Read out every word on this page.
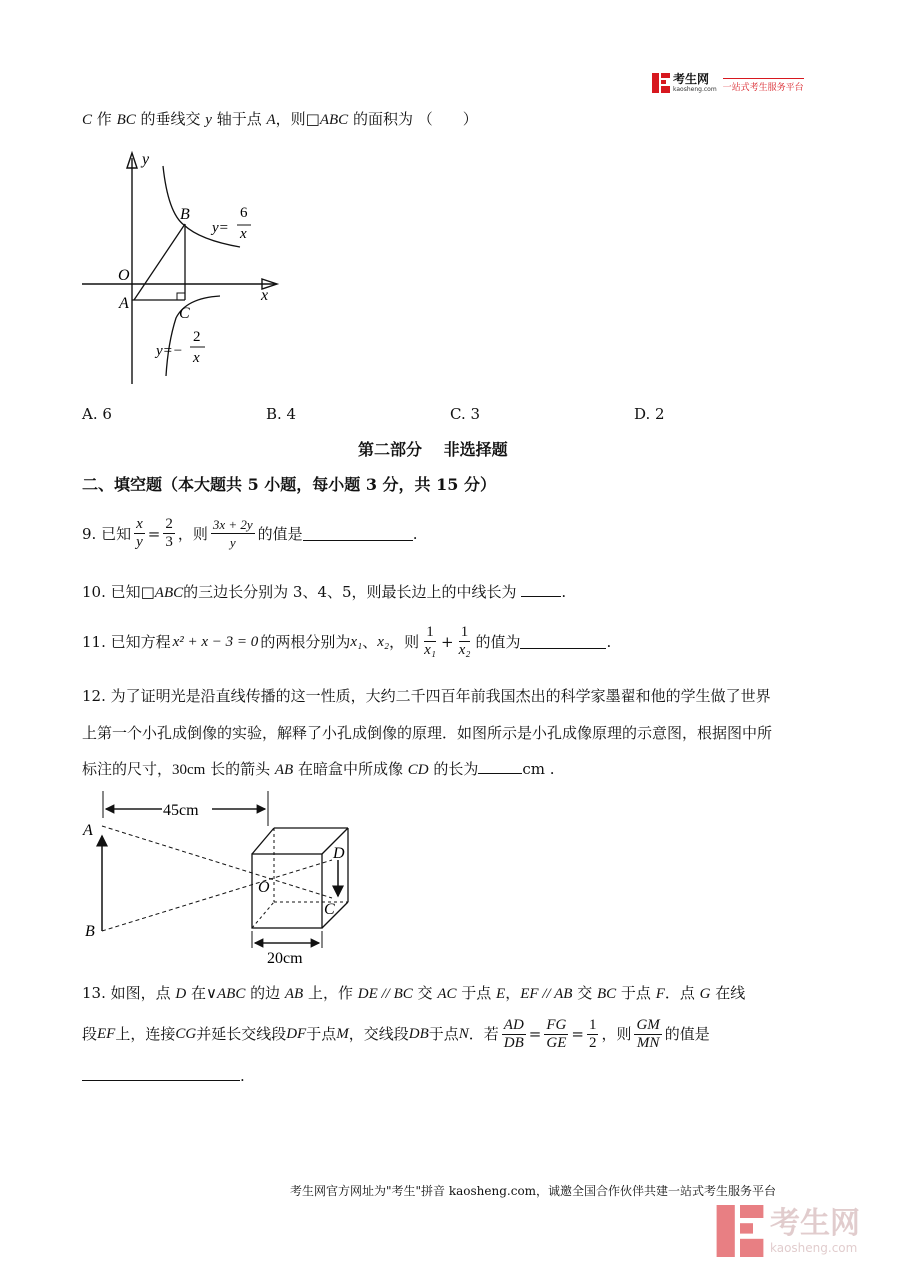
考生网
kaosheng.com 一站式考生服务平台
C 作 BC 的垂线交 y 轴于点 A，则□ABC 的面积为 （　　）
y
x
O
A
B
C
y=
6
x
y=−
2
x
A. 6	B. 4	C. 3	D. 2
第二部分　 非选择题
二、填空题（本大题共 5 小题，每小题 3 分，共 15 分）
9. 已知 $\frac{x}{y} = \frac{2}{3}$ ，则 $\frac{3x + 2y}{y}$ 的值是	.
10. 已知□ABC的三边长分别为 3、4、5，则最长边上的中线长为	.
11. 已知方程 x² + x − 3 = 0 的两根分别为 x₁ 、 x₂ ，则 $\frac{1}{\text{x₁}} + \frac{1}{\text{x₂}}$ 的值为	.
12. 为了证明光是沿直线传播的这一性质，大约二千四百年前我国杰出的科学家墨翟和他的学生做了世界
上第一个小孔成倒像的实验，解释了小孔成倒像的原理．如图所示是小孔成像原理的示意图，根据图中所
标注的尺寸，30cm 长的箭头 AB 在暗盒中所成像 CD 的长为	cm .
45cm
A
B
D
C
O
20cm
13. 如图，点 D 在∨ABC 的边 AB 上，作 DE // BC 交 AC 于点 E，EF // AB 交 BC 于点 F．点 G 在线
段 EF 上，连接 CG 并延长交线段 DF 于点 M ，交线段 DB 于点 N ．若 $\frac{AD}{DB} = \frac{FG}{GE} = \frac{1}{2}$ ，则 $\frac{GM}{MN}$ 的值是
.
考生网官方网址为"考生"拼音 kaosheng.com，诚邀全国合作伙伴共建一站式考生服务平台
考生网
kaosheng.com
